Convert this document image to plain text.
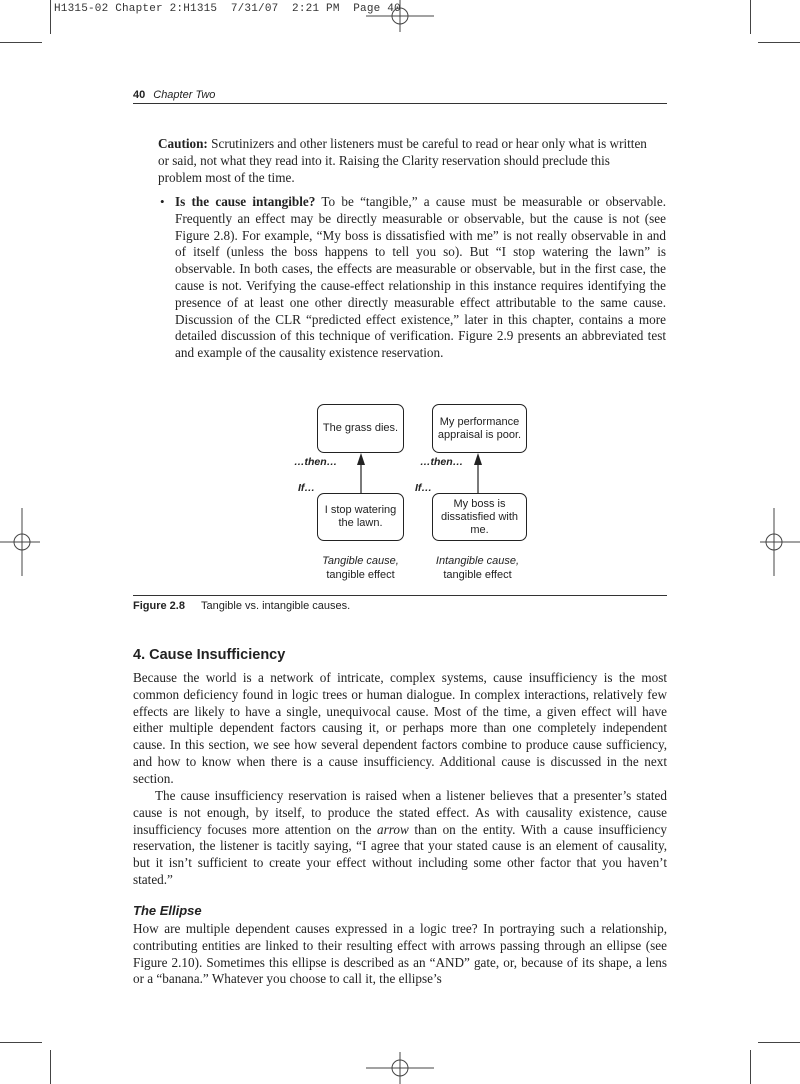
H1315-02 Chapter 2:H1315  7/31/07  2:21 PM  Page 40
40 Chapter Two

Caution: Scrutinizers and other listeners must be careful to read or hear only what is written or said, not what they read into it. Raising the Clarity reservation should preclude this problem most of the time.

• Is the cause intangible? To be “tangible,” a cause must be measurable or observable. Frequently an effect may be directly measurable or observable, but the cause is not (see Figure 2.8). For example, “My boss is dissatisfied with me” is not really observable in and of itself (unless the boss happens to tell you so). But “I stop watering the lawn” is observable. In both cases, the effects are measurable or observable, but in the first case, the cause is not. Verifying the cause-effect relationship in this instance requires identifying the presence of at least one other directly measurable effect attributable to the same cause. Discussion of the CLR “predicted effect existence,” later in this chapter, contains a more detailed discussion of this technique of verification. Figure 2.9 presents an abbreviated test and example of the causality existence reservation.

The grass dies.
I stop watering the lawn.
…then…
If…
Tangible cause,
tangible effect
My performance appraisal is poor.
My boss is dissatisfied with me.
…then…
If…
Intangible cause,
tangible effect
Figure 2.8 Tangible vs. intangible causes.
4. Cause Insufficiency

Because the world is a network of intricate, complex systems, cause insufficiency is the most common deficiency found in logic trees or human dialogue. In complex interactions, relatively few effects are likely to have a single, unequivocal cause. Most of the time, a given effect will have either multiple dependent factors causing it, or perhaps more than one completely independent cause. In this section, we see how several dependent factors combine to produce cause sufficiency, and how to know when there is a cause insufficiency. Additional cause is discussed in the next section.

The cause insufficiency reservation is raised when a listener believes that a presenter’s stated cause is not enough, by itself, to produce the stated effect. As with causality existence, cause insufficiency focuses more attention on the arrow than on the entity. With a cause insufficiency reservation, the listener is tacitly saying, “I agree that your stated cause is an element of causality, but it isn’t sufficient to create your effect without including some other factor that you haven’t stated.”

The Ellipse

How are multiple dependent causes expressed in a logic tree? In portraying such a relationship, contributing entities are linked to their resulting effect with arrows passing through an ellipse (see Figure 2.10). Sometimes this ellipse is described as an “AND” gate, or, because of its shape, a lens or a “banana.” Whatever you choose to call it, the ellipse’s
